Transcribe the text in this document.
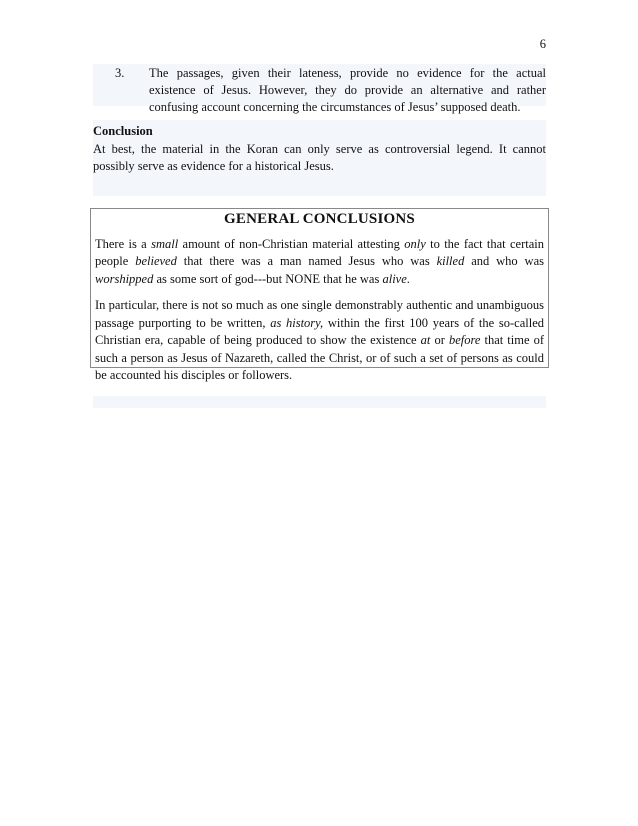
6
3. The passages, given their lateness, provide no evidence for the actual
existence of Jesus. However, they do provide an alternative and rather
confusing account concerning the circumstances of Jesus’ supposed death.
Conclusion
At best, the material in the Koran can only serve as controversial legend. It cannot
possibly serve as evidence for a historical Jesus.
GENERAL CONCLUSIONS
There is a small amount of non-Christian material attesting only to the fact that certain
people believed that there was a man named Jesus who was killed and who was
worshipped as some sort of god---but NONE that he was alive.
In particular, there is not so much as one single demonstrably authentic and unambiguous
passage purporting to be written, as history, within the first 100 years of the so-called
Christian era, capable of being produced to show the existence at or before that time of
such a person as Jesus of Nazareth, called the Christ, or of such a set of persons as could
be accounted his disciples or followers.
